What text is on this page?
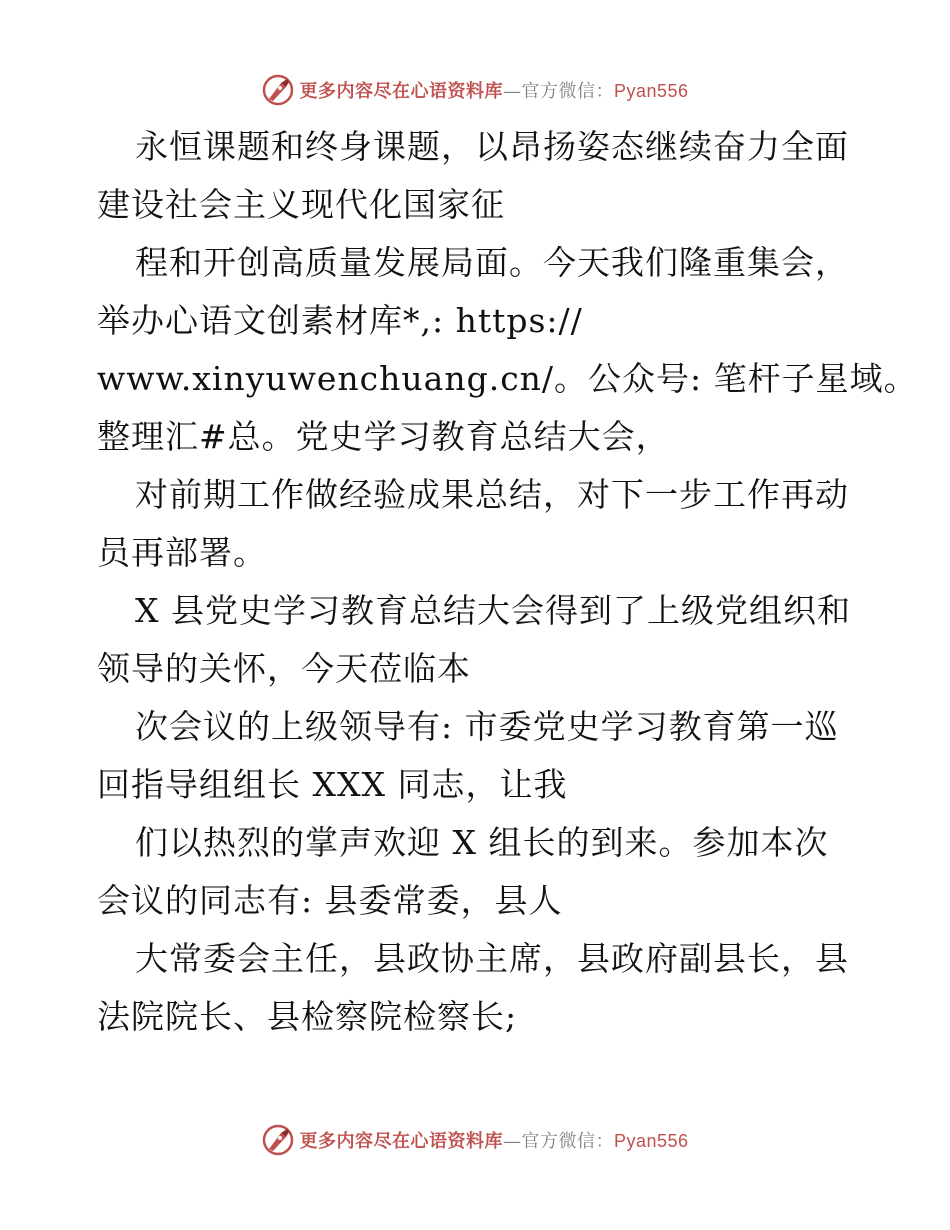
更多内容尽在心语资料库—官方微信：Pyan556
永恒课题和终身课题，以昂扬姿态继续奋力全面
建设社会主义现代化国家征
程和开创高质量发展局面。今天我们隆重集会，
举办心语文创素材库*,: https://
www.xinyuwenchuang.cn/。公众号: 笔杆子星域。
整理汇#总。党史学习教育总结大会，
对前期工作做经验成果总结，对下一步工作再动
员再部署。
X 县党史学习教育总结大会得到了上级党组织和
领导的关怀，今天莅临本
次会议的上级领导有: 市委党史学习教育第一巡
回指导组组长 XXX 同志，让我
们以热烈的掌声欢迎 X 组长的到来。参加本次
会议的同志有: 县委常委，县人
大常委会主任，县政协主席，县政府副县长，县
法院院长、县检察院检察长;
更多内容尽在心语资料库—官方微信：Pyan556
